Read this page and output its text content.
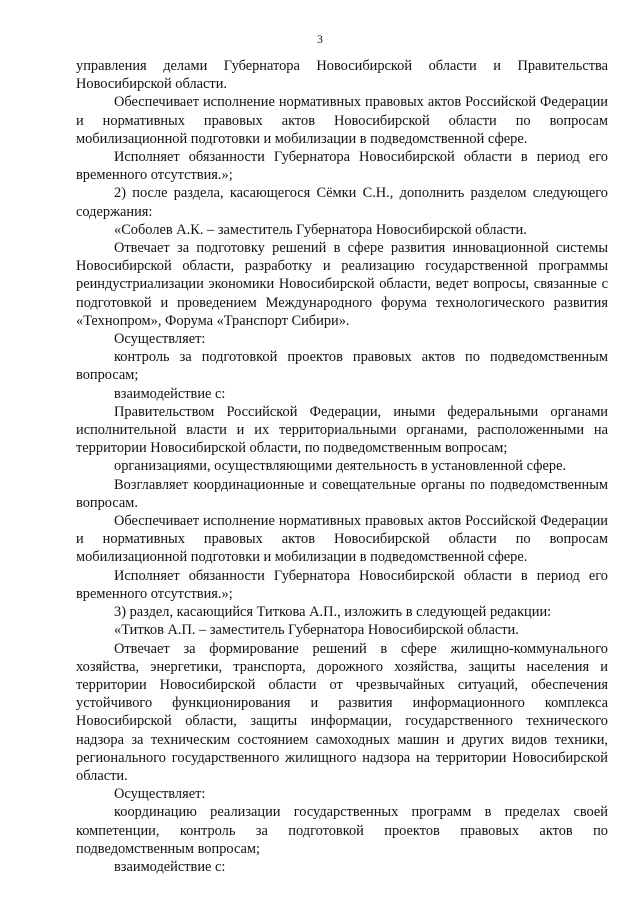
3

управления делами Губернатора Новосибирской области и Правительства Новосибирской области.

Обеспечивает исполнение нормативных правовых актов Российской Федерации и нормативных правовых актов Новосибирской области по вопросам мобилизационной подготовки и мобилизации в подведомственной сфере.

Исполняет обязанности Губернатора Новосибирской области в период его временного отсутствия.»;

2) после раздела, касающегося Сёмки С.Н., дополнить разделом следующего содержания:

«Соболев А.К. – заместитель Губернатора Новосибирской области.

Отвечает за подготовку решений в сфере развития инновационной системы Новосибирской области, разработку и реализацию государственной программы реиндустриализации экономики Новосибирской области, ведет вопросы, связанные с подготовкой и проведением Международного форума технологического развития «Технопром», Форума «Транспорт Сибири».

Осуществляет:

контроль за подготовкой проектов правовых актов по подведомственным вопросам;

взаимодействие с:

Правительством Российской Федерации, иными федеральными органами исполнительной власти и их территориальными органами, расположенными на территории Новосибирской области, по подведомственным вопросам;

организациями, осуществляющими деятельность в установленной сфере.

Возглавляет координационные и совещательные органы по подведомственным вопросам.

Обеспечивает исполнение нормативных правовых актов Российской Федерации и нормативных правовых актов Новосибирской области по вопросам мобилизационной подготовки и мобилизации в подведомственной сфере.

Исполняет обязанности Губернатора Новосибирской области в период его временного отсутствия.»;

3) раздел, касающийся Титкова А.П., изложить в следующей редакции:

«Титков А.П. – заместитель Губернатора Новосибирской области.

Отвечает за формирование решений в сфере жилищно-коммунального хозяйства, энергетики, транспорта, дорожного хозяйства, защиты населения и территории Новосибирской области от чрезвычайных ситуаций, обеспечения устойчивого функционирования и развития информационного комплекса Новосибирской области, защиты информации, государственного технического надзора за техническим состоянием самоходных машин и других видов техники, регионального государственного жилищного надзора на территории Новосибирской области.

Осуществляет:

координацию реализации государственных программ в пределах своей компетенции, контроль за подготовкой проектов правовых актов по подведомственным вопросам;

взаимодействие с:
